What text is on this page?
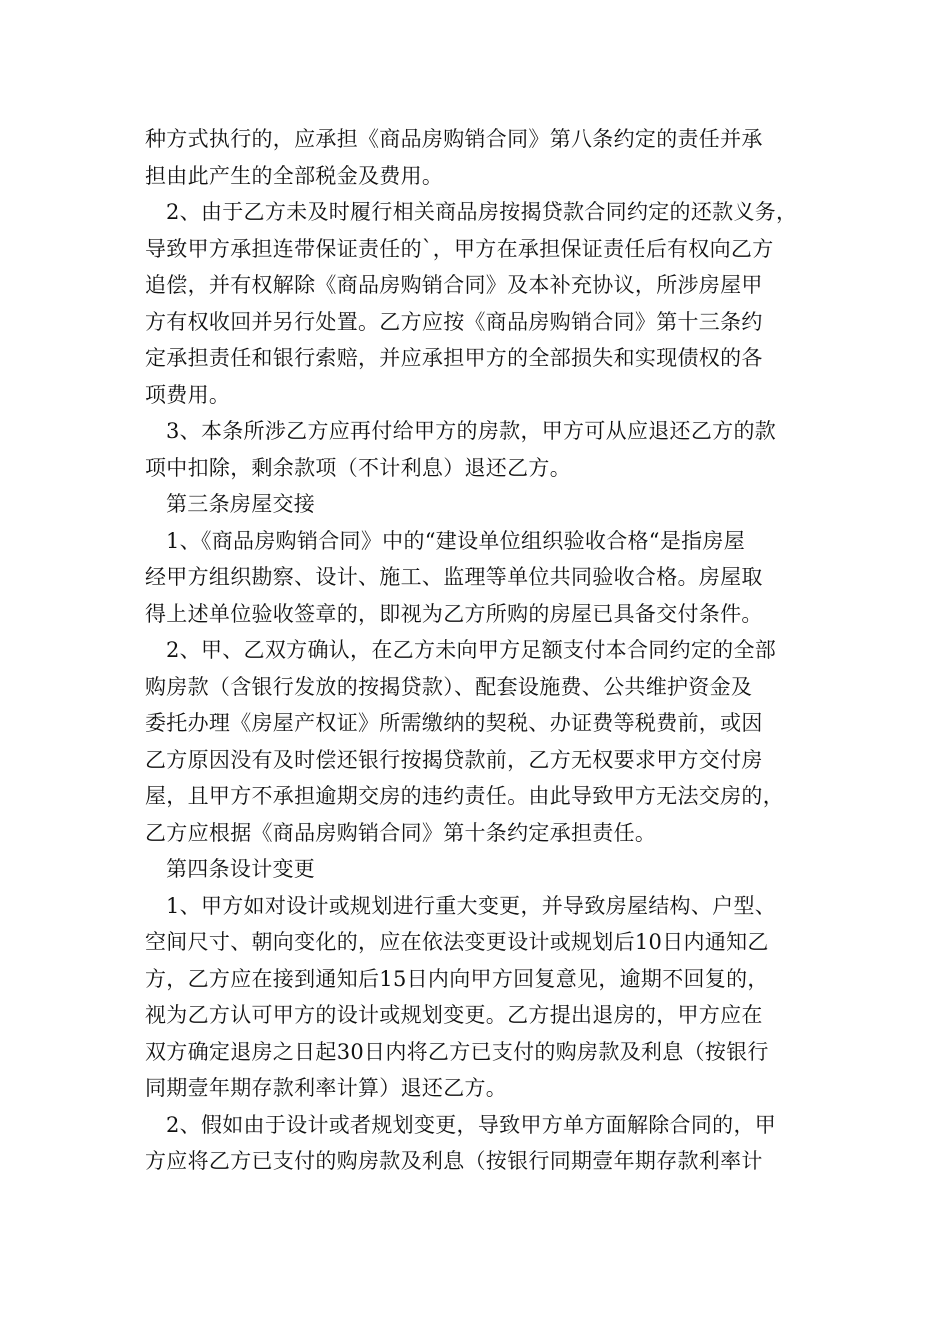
种方式执行的，应承担《商品房购销合同》第八条约定的责任并承
担由此产生的全部税金及费用。
2、由于乙方未及时履行相关商品房按揭贷款合同约定的还款义务，
导致甲方承担连带保证责任的`，甲方在承担保证责任后有权向乙方
追偿，并有权解除《商品房购销合同》及本补充协议，所涉房屋甲
方有权收回并另行处置。乙方应按《商品房购销合同》第十三条约
定承担责任和银行索赔，并应承担甲方的全部损失和实现债权的各
项费用。
3、本条所涉乙方应再付给甲方的房款，甲方可从应退还乙方的款
项中扣除，剩余款项（不计利息）退还乙方。
第三条房屋交接
1、《商品房购销合同》中的“建设单位组织验收合格“是指房屋
经甲方组织勘察、设计、施工、监理等单位共同验收合格。房屋取
得上述单位验收签章的，即视为乙方所购的房屋已具备交付条件。
2、甲、乙双方确认，在乙方未向甲方足额支付本合同约定的全部
购房款（含银行发放的按揭贷款）、配套设施费、公共维护资金及
委托办理《房屋产权证》所需缴纳的契税、办证费等税费前，或因
乙方原因没有及时偿还银行按揭贷款前，乙方无权要求甲方交付房
屋，且甲方不承担逾期交房的违约责任。由此导致甲方无法交房的，
乙方应根据《商品房购销合同》第十条约定承担责任。
第四条设计变更
1、甲方如对设计或规划进行重大变更，并导致房屋结构、户型、
空间尺寸、朝向变化的，应在依法变更设计或规划后10日内通知乙
方，乙方应在接到通知后15日内向甲方回复意见，逾期不回复的，
视为乙方认可甲方的设计或规划变更。乙方提出退房的，甲方应在
双方确定退房之日起30日内将乙方已支付的购房款及利息（按银行
同期壹年期存款利率计算）退还乙方。
2、假如由于设计或者规划变更，导致甲方单方面解除合同的，甲
方应将乙方已支付的购房款及利息（按银行同期壹年期存款利率计
